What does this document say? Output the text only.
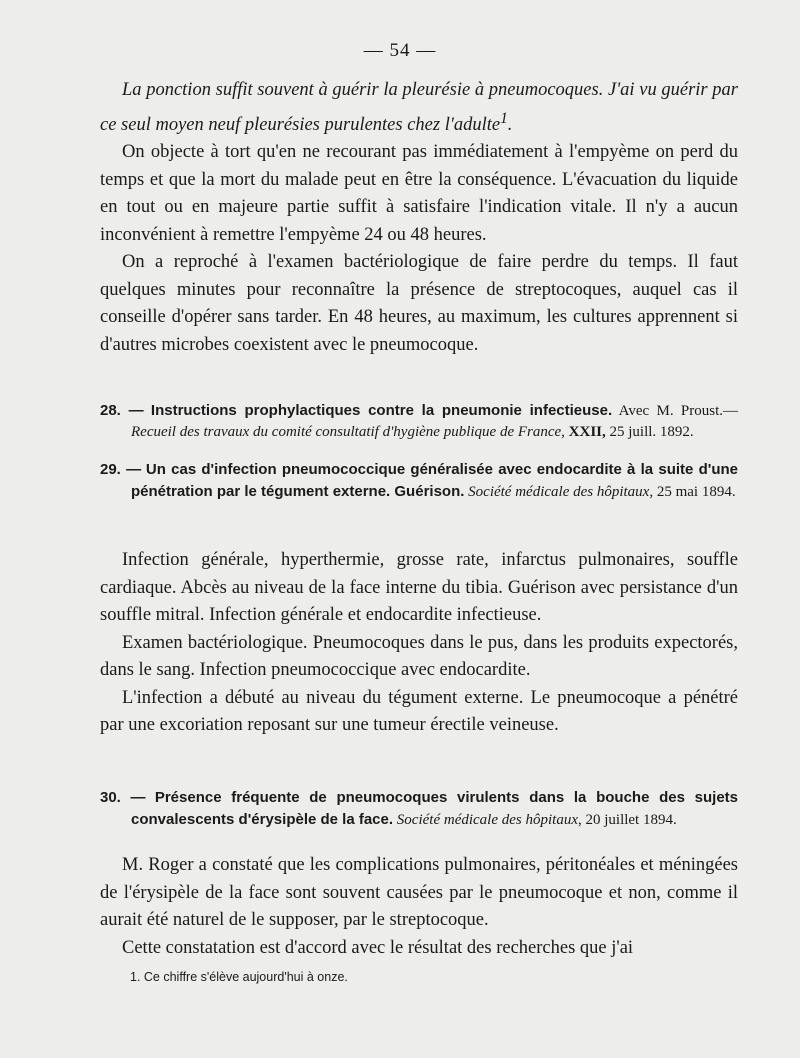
— 54 —

La ponction suffit souvent à guérir la pleurésie à pneumocoques. J'ai vu guérir par ce seul moyen neuf pleurésies purulentes chez l'adulte$^1$.

On objecte à tort qu'en ne recourant pas immédiatement à l'empyème on perd du temps et que la mort du malade peut en être la conséquence. L'évacuation du liquide en tout ou en majeure partie suffit à satisfaire l'indication vitale. Il n'y a aucun inconvénient à remettre l'empyème 24 ou 48 heures.

On a reproché à l'examen bactériologique de faire perdre du temps. Il faut quelques minutes pour reconnaître la présence de streptocoques, auquel cas il conseille d'opérer sans tarder. En 48 heures, au maximum, les cultures apprennent si d'autres microbes coexistent avec le pneumocoque.

28. — Instructions prophylactiques contre la pneumonie infectieuse. Avec M. Proust.— Recueil des travaux du comité consultatif d'hygiène publique de France, XXII, 25 juill. 1892.

29. — Un cas d'infection pneumococcique généralisée avec endocardite à la suite d'une pénétration par le tégument externe. Guérison. Société médicale des hôpitaux, 25 mai 1894.

Infection générale, hyperthermie, grosse rate, infarctus pulmonaires, souffle cardiaque. Abcès au niveau de la face interne du tibia. Guérison avec persistance d'un souffle mitral. Infection générale et endocardite infectieuse.

Examen bactériologique. Pneumocoques dans le pus, dans les produits expectorés, dans le sang. Infection pneumococcique avec endocardite.

L'infection a débuté au niveau du tégument externe. Le pneumocoque a pénétré par une excoriation reposant sur une tumeur érectile veineuse.

30. — Présence fréquente de pneumocoques virulents dans la bouche des sujets convalescents d'érysipèle de la face. Société médicale des hôpitaux, 20 juillet 1894.

M. Roger a constaté que les complications pulmonaires, péritonéales et méningées de l'érysipèle de la face sont souvent causées par le pneumocoque et non, comme il aurait été naturel de le supposer, par le streptocoque.

Cette constatation est d'accord avec le résultat des recherches que j'ai

1. Ce chiffre s'élève aujourd'hui à onze.
